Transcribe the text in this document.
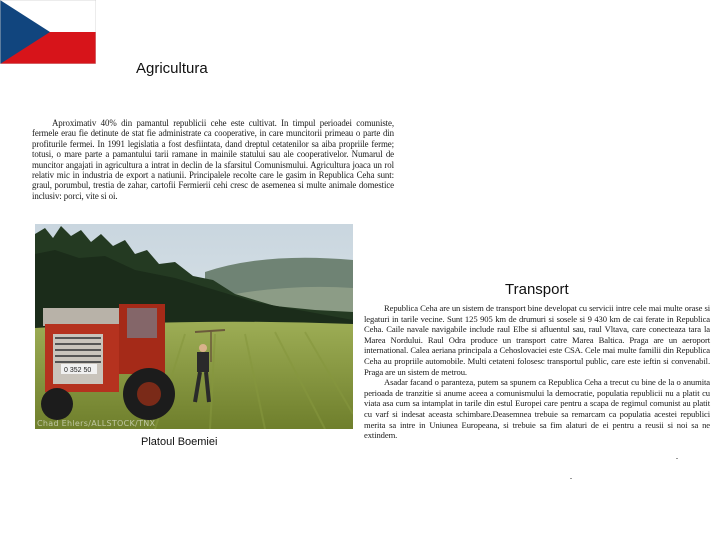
Agricultura

Aproximativ 40% din pamantul republicii cehe este cultivat. In timpul perioadei comuniste, fermele erau fie detinute de stat fie administrate ca cooperative, in care muncitorii primeau o parte din profiturile fermei. In 1991 legislatia a fost desfiintata, dand dreptul cetatenilor sa aiba propriile ferme; totusi, o mare parte a pamantului tarii ramane in mainile statului sau ale cooperativelor. Numarul de muncitor angajati in agricultura a intrat in declin de la sfarsitul Comunismului. Agricultura joaca un rol relativ mic in industria de export a natiunii. Principalele recolte care le gasim in Republica Ceha sunt: graul, porumbul, trestia de zahar, cartofii Fermierii cehi cresc de asemenea si multe animale domestice inclusiv: porci, vite si oi.

0 352 50
Chad Ehlers/ALLSTOCK/TNX
Platoul Boemiei
Transport

Republica Ceha are un sistem de transport bine developat cu servicii intre cele mai multe orase si legaturi in tarile vecine. Sunt 125 905 km de drumuri si sosele si 9 430 km de cai ferate in Republica Ceha. Caile navale navigabile include raul Elbe si afluentul sau, raul Vltava, care conecteaza tara la Marea Nordului. Raul Odra produce un transport catre Marea Baltica. Praga are un aeroport international. Calea aeriana principala a Cehoslovaciei este CSA. Cele mai multe familii din Republica Ceha au propriile automobile. Multi cetateni folosesc transportul public, care este ieftin si convenabil. Praga are un sistem de metrou.

Asadar facand o paranteza, putem sa spunem ca Republica Ceha a trecut cu bine de la o anumita perioada de tranzitie si anume aceea a comunismului la democratie, populatia republicii nu a platit cu viata asa cum sa intamplat in tarile din estul Europei care pentru a scapa de regimul comunist au platit cu varf si indesat aceasta schimbare.Deasemnea trebuie sa remarcam ca populatia acestei republici merita sa intre in Uniunea Europeana, si trebuie sa fim alaturi de ei pentru a reusii si noi sa ne extindem.
